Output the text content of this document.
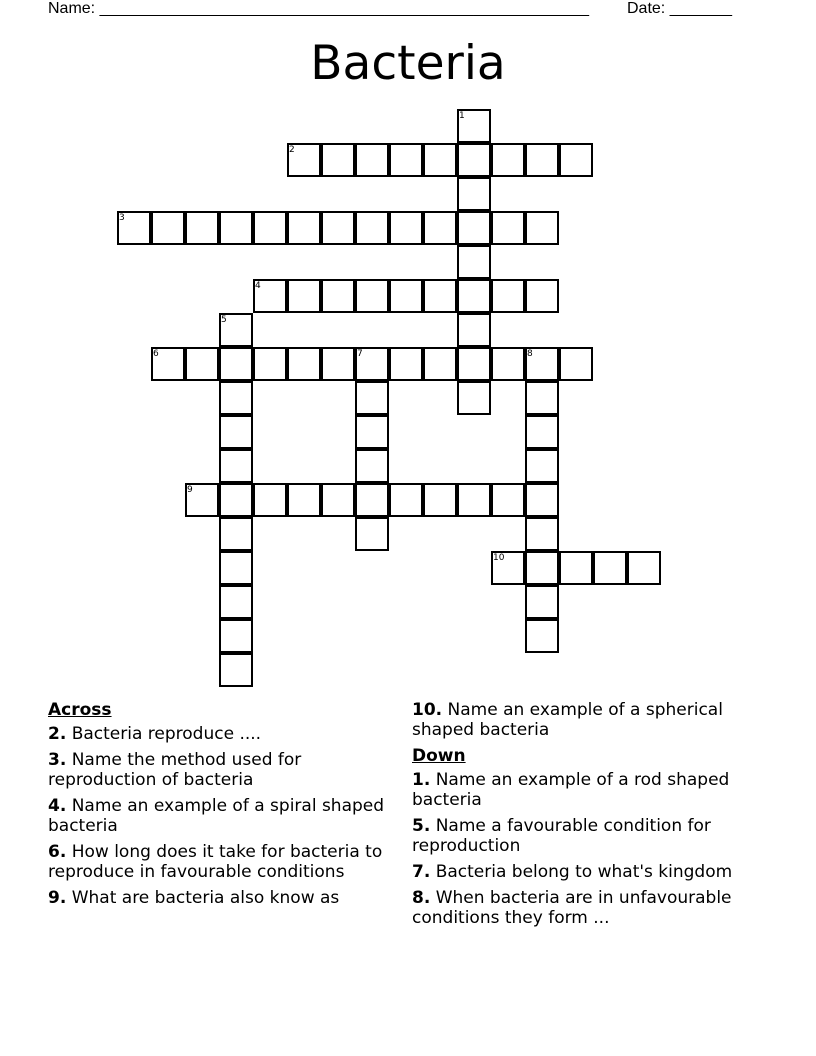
Name: _______________________________________________________ Date: _______
Bacteria
1
2
3
4
5
6	7	8
9
10
Across
2. Bacteria reproduce ....
3. Name the method used for reproduction of bacteria
4. Name an example of a spiral shaped bacteria
6. How long does it take for bacteria to reproduce in favourable conditions
9. What are bacteria also know as
10. Name an example of a spherical shaped bacteria
Down
1. Name an example of a rod shaped bacteria
5. Name a favourable condition for reproduction
7. Bacteria belong to what's kingdom
8. When bacteria are in unfavourable conditions they form ...
